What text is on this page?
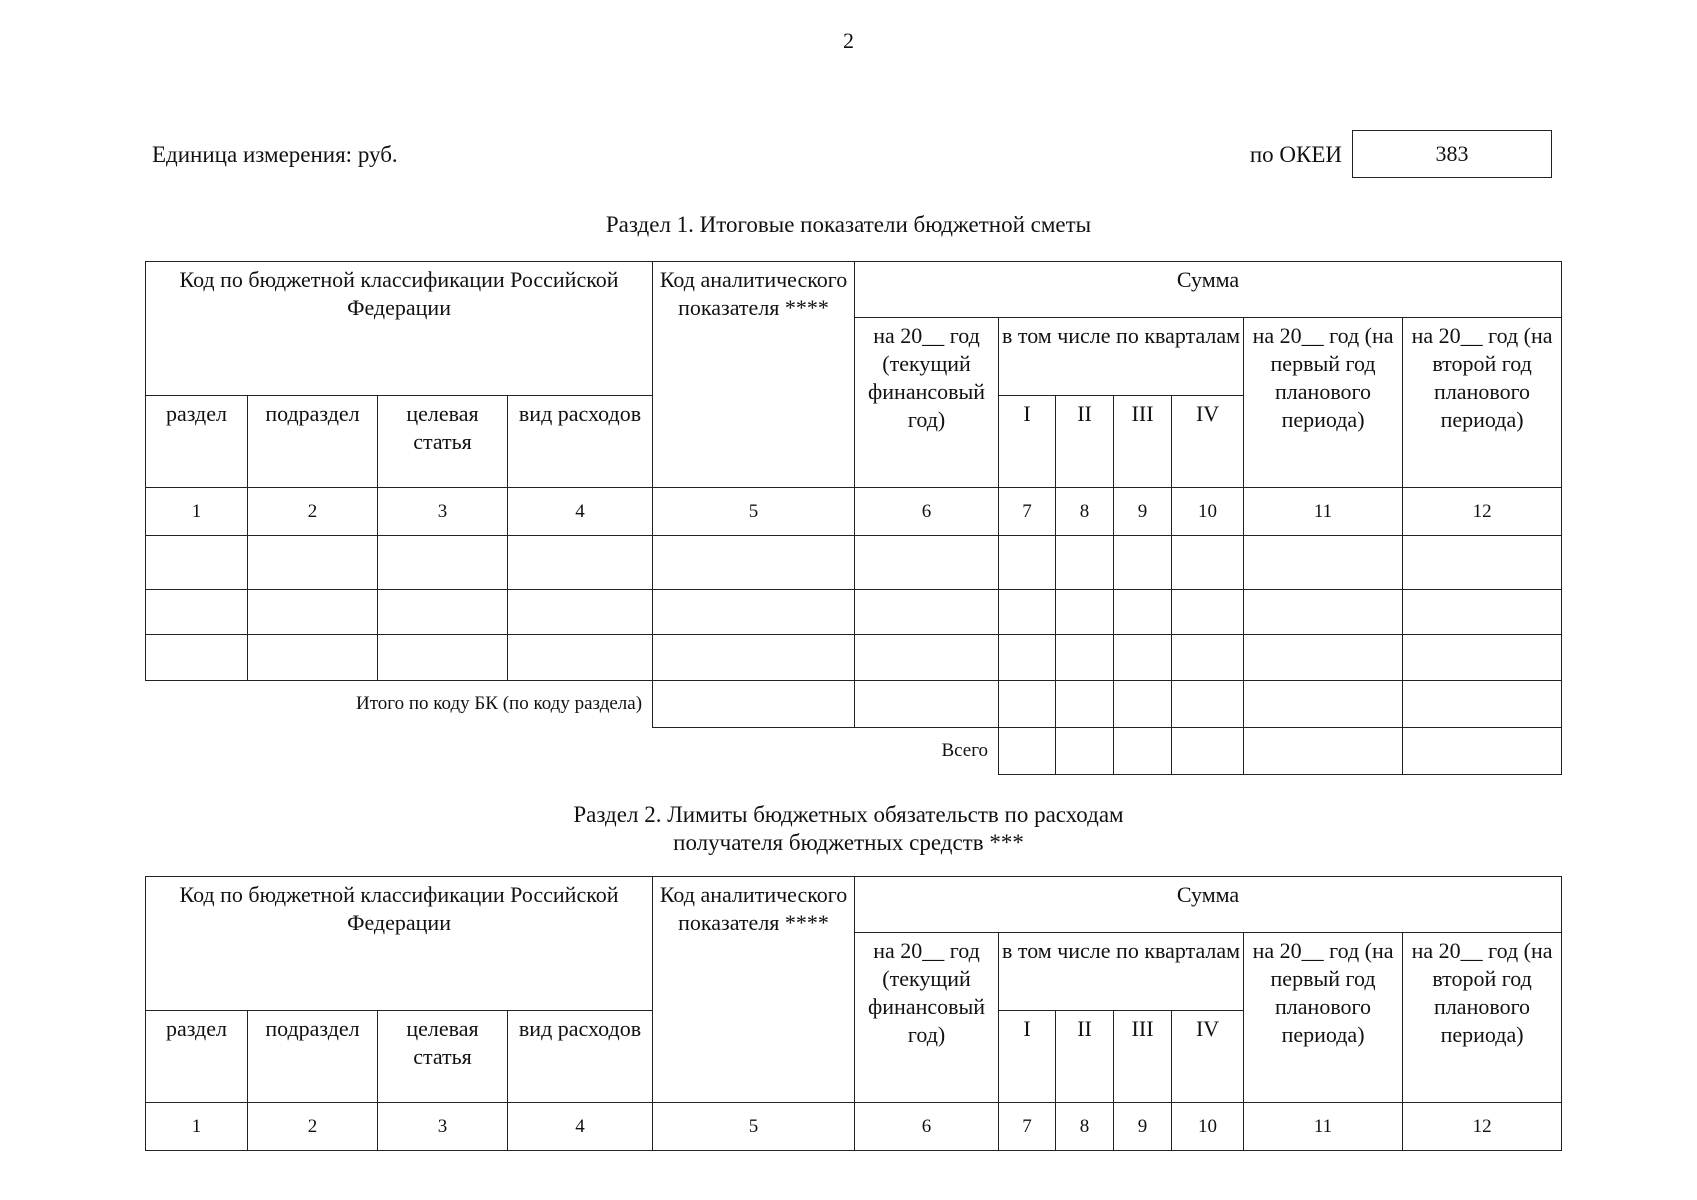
2
Единица измерения: руб.	по ОКЕИ	383
Раздел 1. Итоговые показатели бюджетной сметы
Код по бюджетной классификации Российской Федерации				Код аналитического показателя ****	Сумма						
					на 20__ год (текущий финансовый год)	в том числе по кварталам				на 20__ год (на первый год планового периода)	на 20__ год (на второй год планового периода)
раздел	подраздел	целевая статья	вид расходов			I	II	III	IV		
1	2	3	4	5	6	7	8	9	10	11	12

Итого по коду БК (по коду раздела)											
Всего											
Раздел 2. Лимиты бюджетных обязательств по расходам
получателя бюджетных средств ***
Код по бюджетной классификации Российской Федерации				Код аналитического показателя ****	Сумма						
					на 20__ год (текущий финансовый год)	в том числе по кварталам				на 20__ год (на первый год планового периода)	на 20__ год (на второй год планового периода)
раздел	подраздел	целевая статья	вид расходов			I	II	III	IV		
1	2	3	4	5	6	7	8	9	10	11	12
